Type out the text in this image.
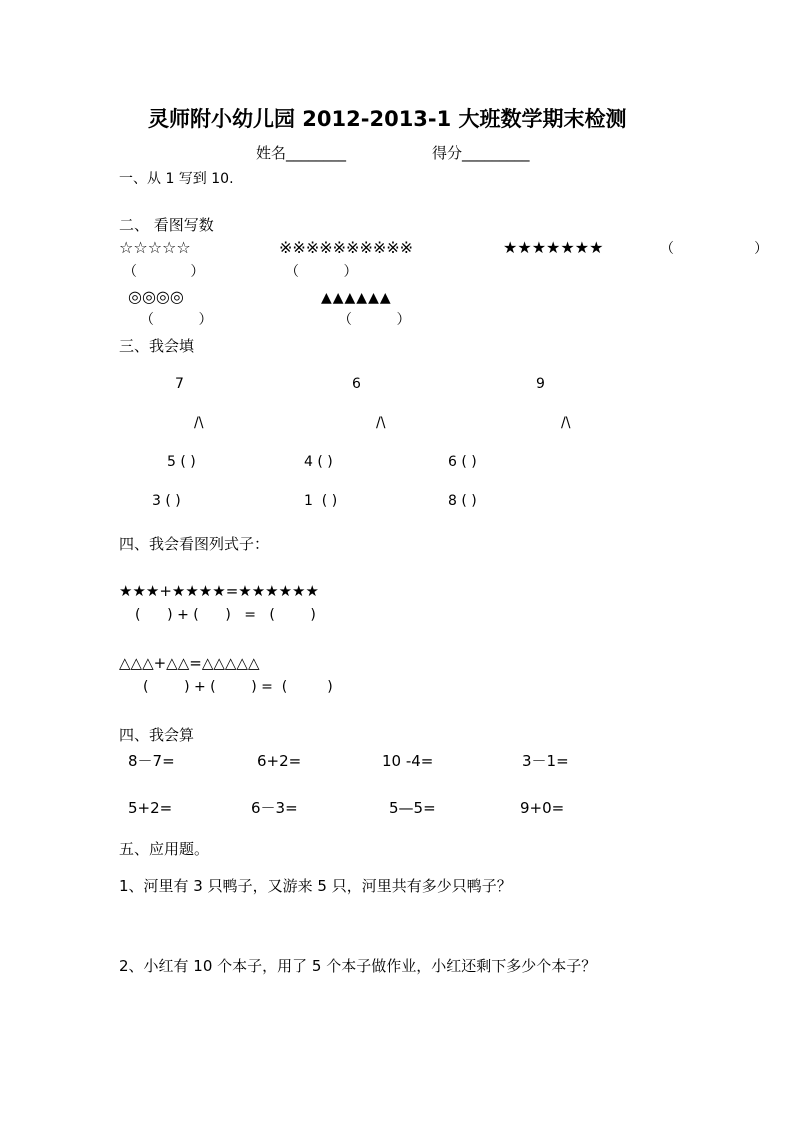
灵师附小幼儿园 2012-2013-1 大班数学期末检测
姓名________	得分_________
一、从 1 写到 10.
二、 看图写数
☆☆☆☆☆	※※※※※※※※※※	★★★★★★★	（                  ）
（            ）	（          ）
◎◎◎◎	▲▲▲▲▲▲
（          ）	（          ）
三、我会填
7	6	9
/\	/\	/\
5 ( )	4 ( )	6 ( )
3 ( )	1  ( )	8 ( )
四、我会看图列式子：
★★★+★★★★=★★★★★★
(      ) + (      )   =   (        )
△△△+△△=△△△△△
(        ) + (        ) =  (         )
四、我会算
8－7=	6+2=	10 -4=	3－1=
5+2=	6－3=	5—5=	9+0=
五、应用题。
1、河里有 3 只鸭子，又游来 5 只，河里共有多少只鸭子？
2、小红有 10 个本子，用了 5 个本子做作业，小红还剩下多少个本子？
